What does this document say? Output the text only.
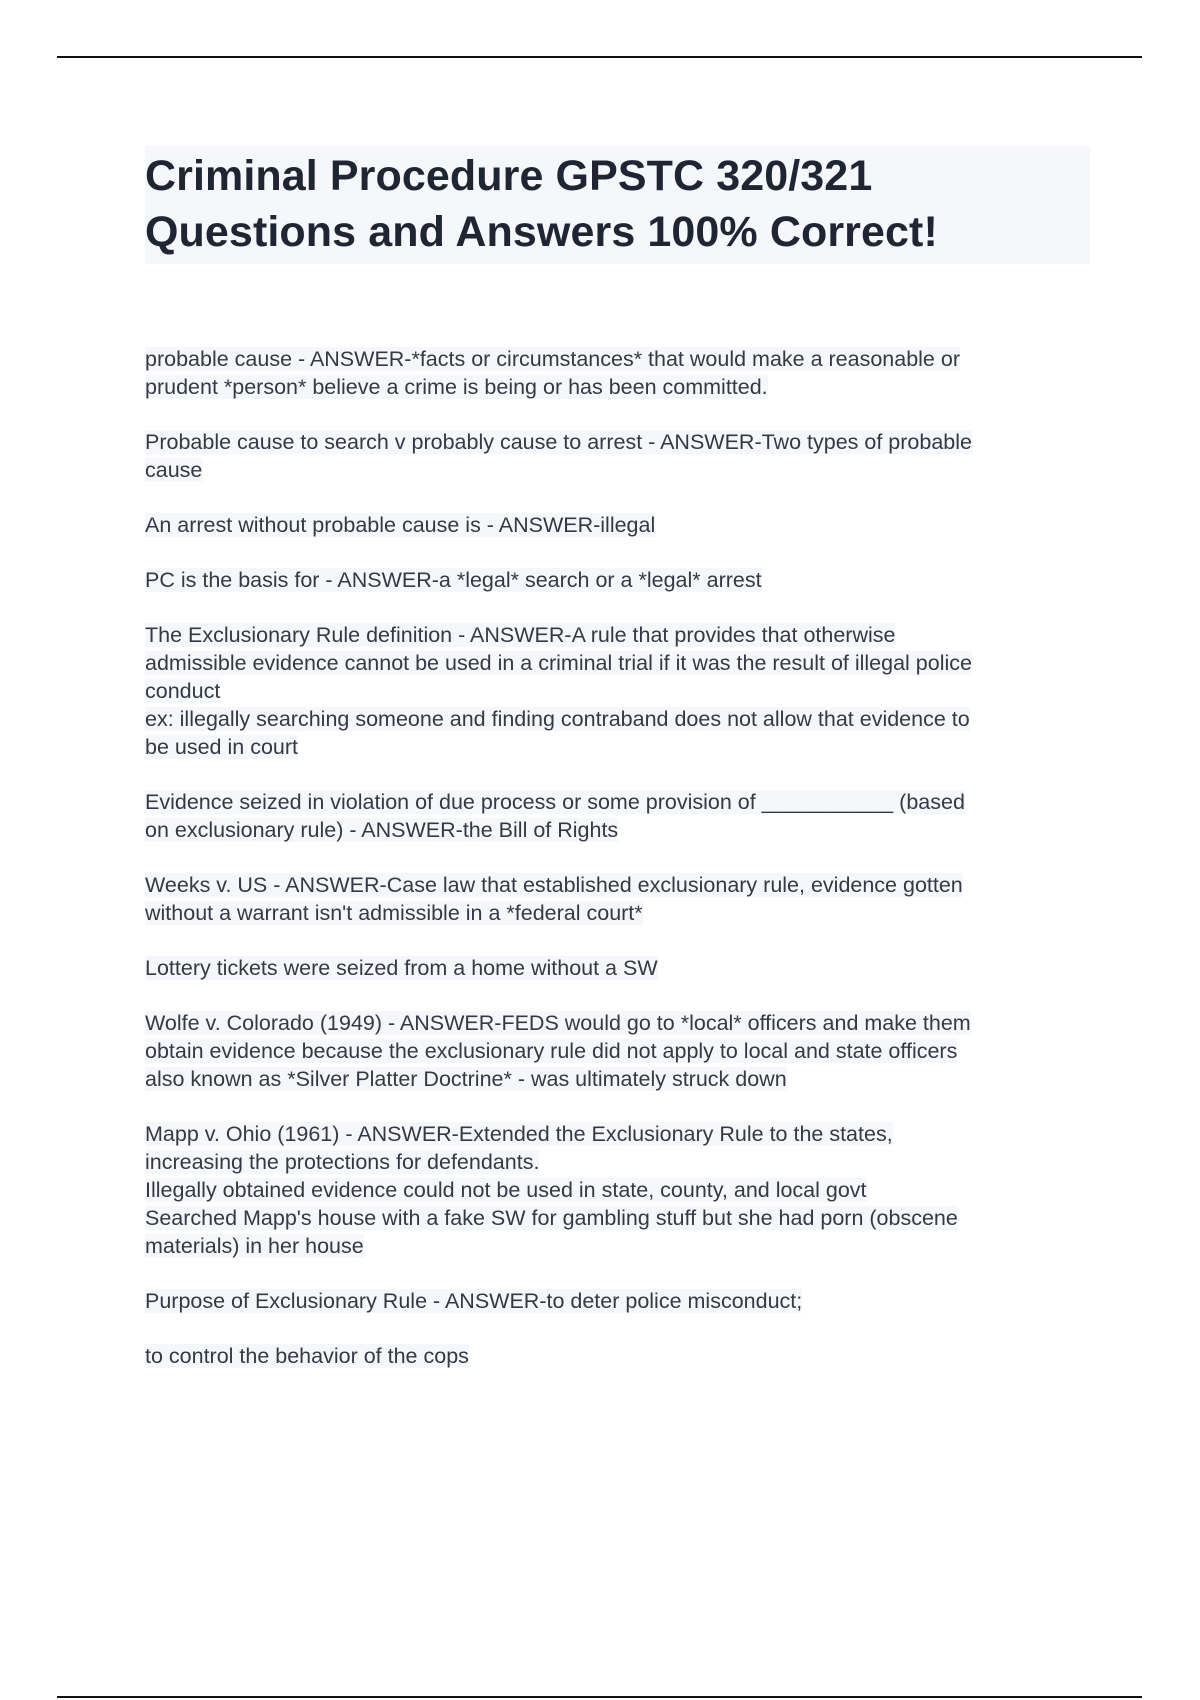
Criminal Procedure GPSTC 320/321
Questions and Answers 100% Correct!

probable cause - ANSWER-*facts or circumstances* that would make a reasonable or
prudent *person* believe a crime is being or has been committed.

Probable cause to search v probably cause to arrest - ANSWER-Two types of probable
cause

An arrest without probable cause is - ANSWER-illegal

PC is the basis for - ANSWER-a *legal* search or a *legal* arrest

The Exclusionary Rule definition - ANSWER-A rule that provides that otherwise
admissible evidence cannot be used in a criminal trial if it was the result of illegal police
conduct
ex: illegally searching someone and finding contraband does not allow that evidence to
be used in court

Evidence seized in violation of due process or some provision of ___________ (based
on exclusionary rule) - ANSWER-the Bill of Rights

Weeks v. US - ANSWER-Case law that established exclusionary rule, evidence gotten
without a warrant isn't admissible in a *federal court*

Lottery tickets were seized from a home without a SW

Wolfe v. Colorado (1949) - ANSWER-FEDS would go to *local* officers and make them
obtain evidence because the exclusionary rule did not apply to local and state officers
also known as *Silver Platter Doctrine* - was ultimately struck down

Mapp v. Ohio (1961) - ANSWER-Extended the Exclusionary Rule to the states,
increasing the protections for defendants.
Illegally obtained evidence could not be used in state, county, and local govt
Searched Mapp's house with a fake SW for gambling stuff but she had porn (obscene
materials) in her house

Purpose of Exclusionary Rule - ANSWER-to deter police misconduct;

to control the behavior of the cops
